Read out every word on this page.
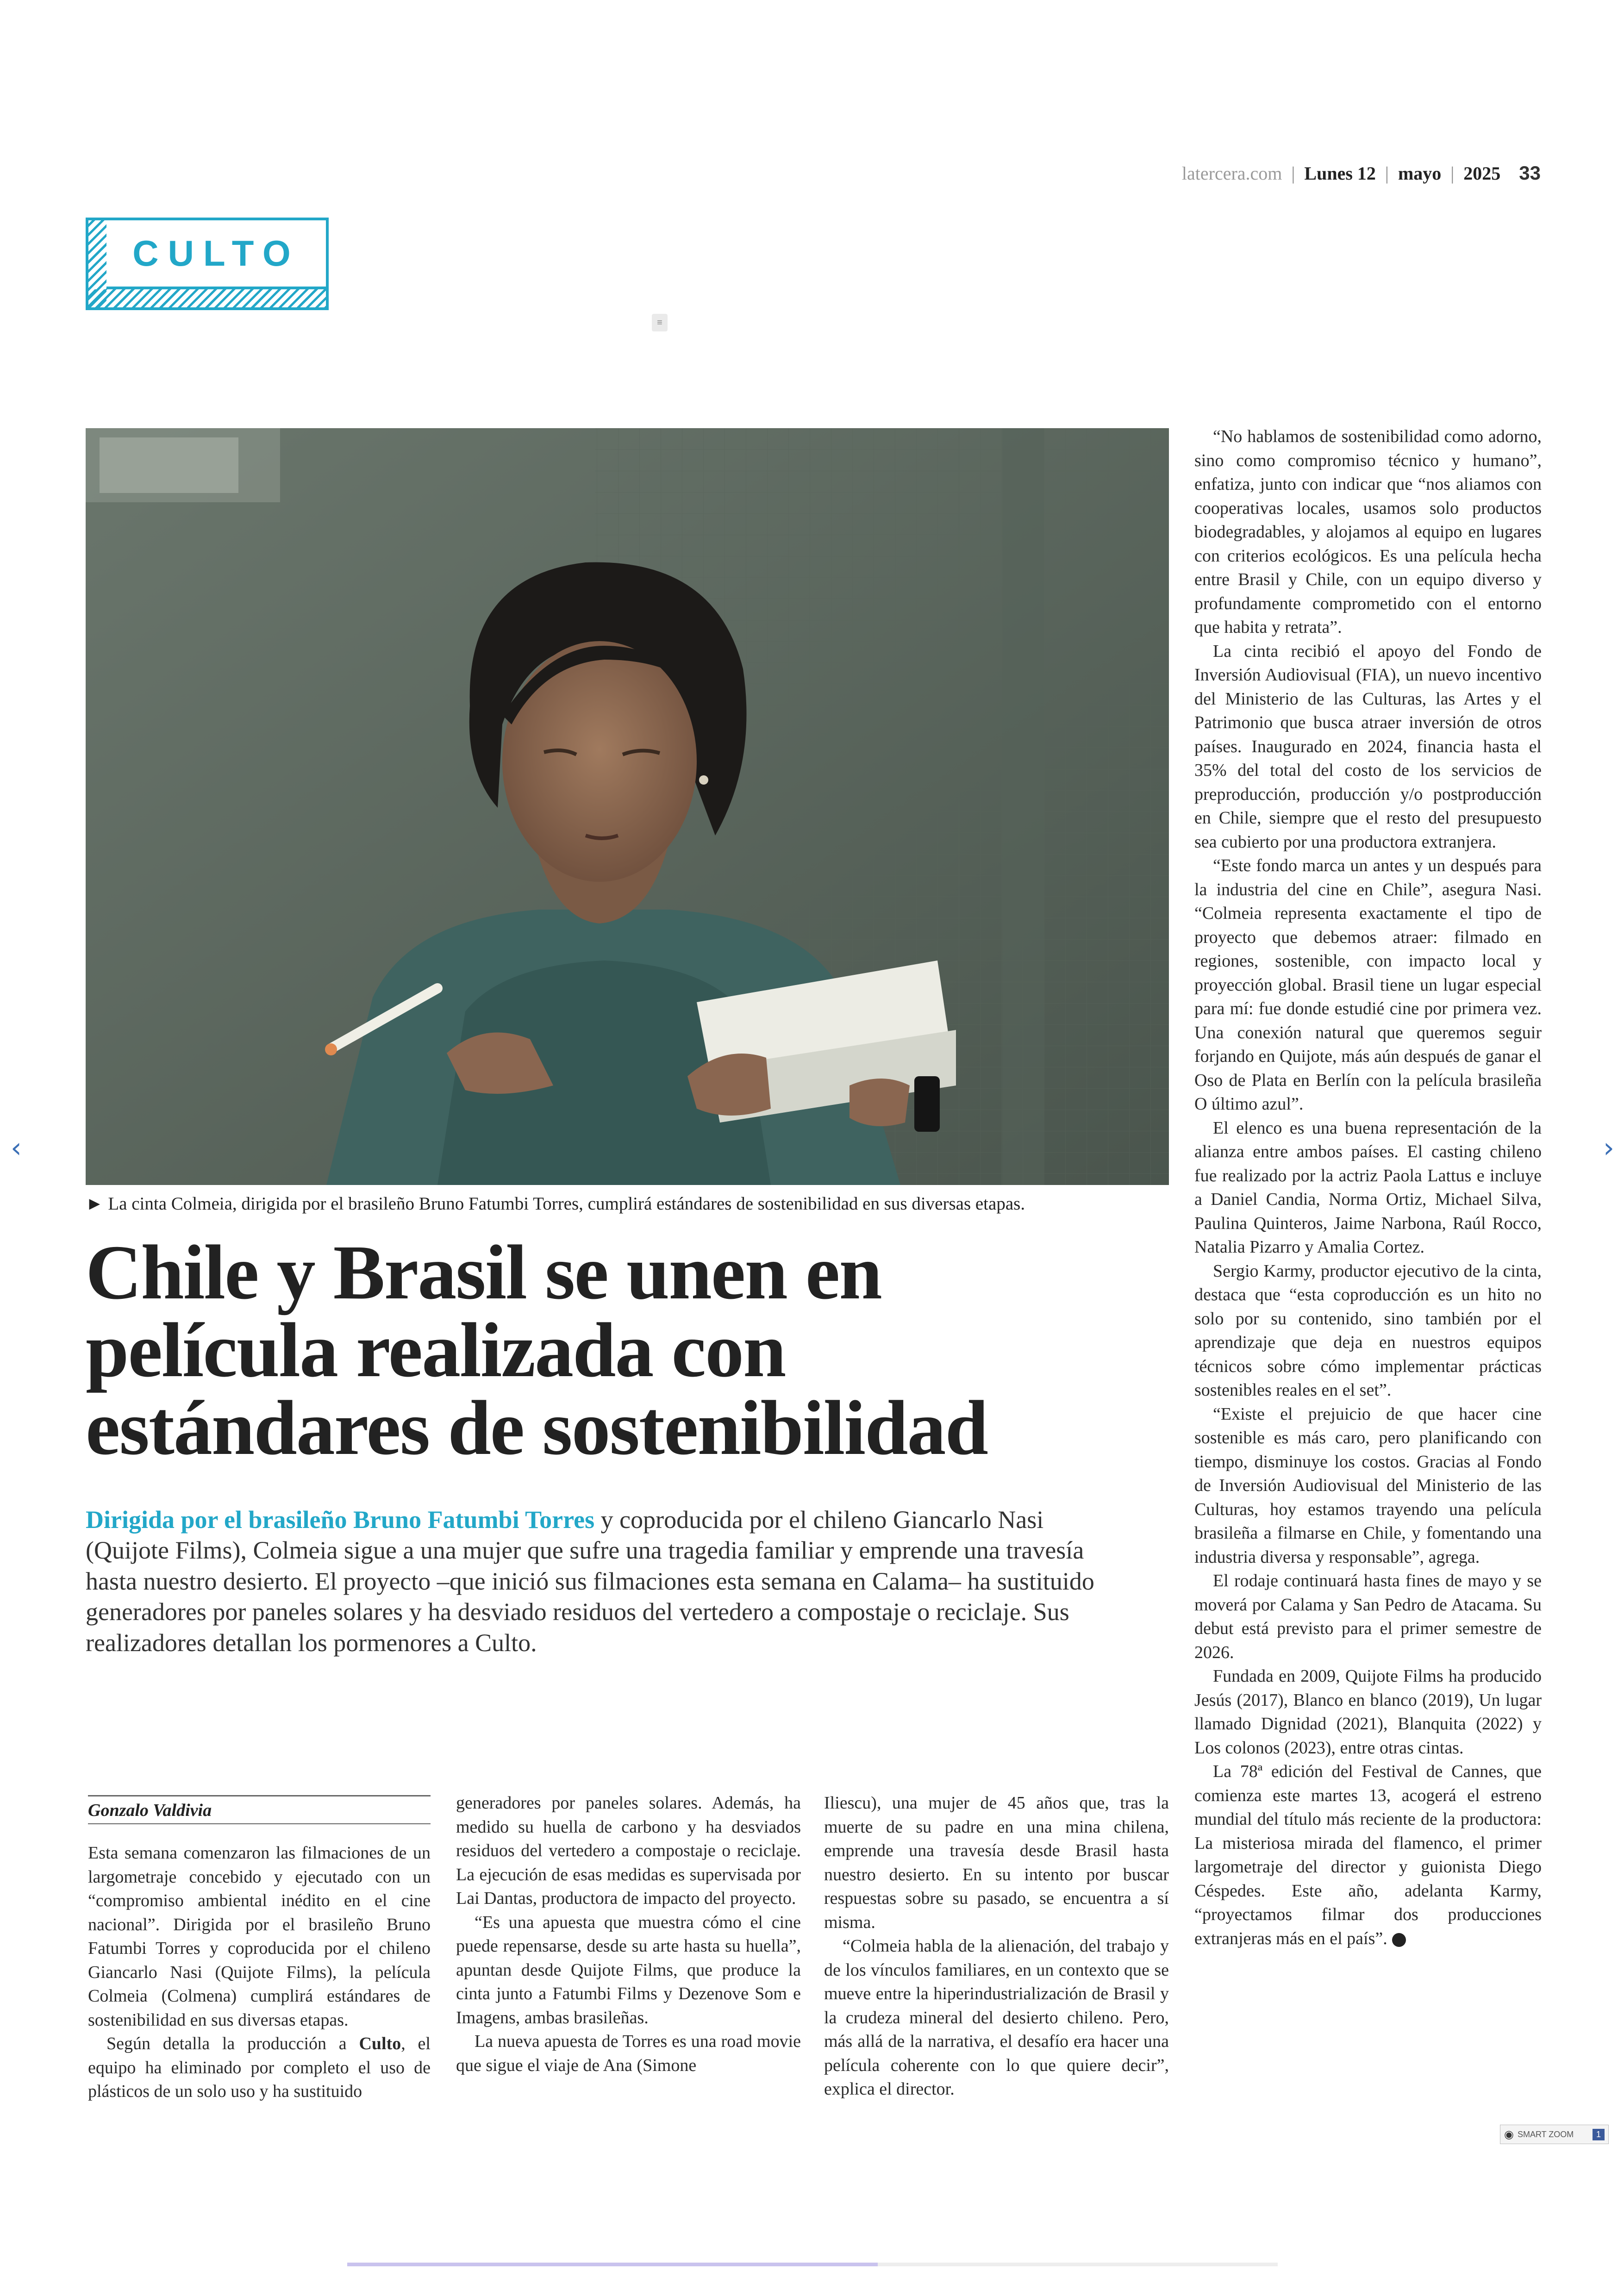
latercera.com | Lunes 12 | mayo | 2025 33
CULTO
≡
► La cinta Colmeia, dirigida por el brasileño Bruno Fatumbi Torres, cumplirá estándares de sostenibilidad en sus diversas etapas.
Chile y Brasil se unen en
película realizada con
estándares de sostenibilidad
Dirigida por el brasileño Bruno Fatumbi Torres y coproducida por el chileno Giancarlo Nasi (Quijote Films), Colmeia sigue a una mujer que sufre una tragedia familiar y emprende una travesía hasta nuestro desierto. El proyecto –que inició sus filmaciones esta semana en Calama– ha sustituido generadores por paneles solares y ha desviado residuos del vertedero a compostaje o reciclaje. Sus realizadores detallan los pormenores a Culto.
Gonzalo Valdivia

Esta semana comenzaron las filmaciones de un largometraje concebido y ejecutado con un “compromiso ambiental inédito en el cine nacional”. Dirigida por el brasileño Bruno Fatumbi Torres y coproducida por el chileno Giancarlo Nasi (Quijote Films), la película Colmeia (Colmena) cumplirá estándares de sostenibilidad en sus diversas etapas.

Según detalla la producción a Culto, el equipo ha eliminado por completo el uso de plásticos de un solo uso y ha sustituido

generadores por paneles solares. Además, ha medido su huella de carbono y ha desviados residuos del vertedero a compostaje o reciclaje. La ejecución de esas medidas es supervisada por Lai Dantas, productora de impacto del proyecto.

“Es una apuesta que muestra cómo el cine puede repensarse, desde su arte hasta su huella”, apuntan desde Quijote Films, que produce la cinta junto a Fatumbi Films y Dezenove Som e Imagens, ambas brasileñas.

La nueva apuesta de Torres es una road movie que sigue el viaje de Ana (Simone

Iliescu), una mujer de 45 años que, tras la muerte de su padre en una mina chilena, emprende una travesía desde Brasil hasta nuestro desierto. En su intento por buscar respuestas sobre su pasado, se encuentra a sí misma.

“Colmeia habla de la alienación, del trabajo y de los vínculos familiares, en un contexto que se mueve entre la hiperindustrialización de Brasil y la crudeza mineral del desierto chileno. Pero, más allá de la narrativa, el desafío era hacer una película coherente con lo que quiere decir”, explica el director.

“No hablamos de sostenibilidad como adorno, sino como compromiso técnico y humano”, enfatiza, junto con indicar que “nos aliamos con cooperativas locales, usamos solo productos biodegradables, y alojamos al equipo en lugares con criterios ecológicos. Es una película hecha entre Brasil y Chile, con un equipo diverso y profundamente comprometido con el entorno que habita y retrata”.

La cinta recibió el apoyo del Fondo de Inversión Audiovisual (FIA), un nuevo incentivo del Ministerio de las Culturas, las Artes y el Patrimonio que busca atraer inversión de otros países. Inaugurado en 2024, financia hasta el 35% del total del costo de los servicios de preproducción, producción y/o postproducción en Chile, siempre que el resto del presupuesto sea cubierto por una productora extranjera.

“Este fondo marca un antes y un después para la industria del cine en Chile”, asegura Nasi. “Colmeia representa exactamente el tipo de proyecto que debemos atraer: filmado en regiones, sostenible, con impacto local y proyección global. Brasil tiene un lugar especial para mí: fue donde estudié cine por primera vez. Una conexión natural que queremos seguir forjando en Quijote, más aún después de ganar el Oso de Plata en Berlín con la película brasileña O último azul”.

El elenco es una buena representación de la alianza entre ambos países. El casting chileno fue realizado por la actriz Paola Lattus e incluye a Daniel Candia, Norma Ortiz, Michael Silva, Paulina Quinteros, Jaime Narbona, Raúl Rocco, Natalia Pizarro y Amalia Cortez.

Sergio Karmy, productor ejecutivo de la cinta, destaca que “esta coproducción es un hito no solo por su contenido, sino también por el aprendizaje que deja en nuestros equipos técnicos sobre cómo implementar prácticas sostenibles reales en el set”.

“Existe el prejuicio de que hacer cine sostenible es más caro, pero planificando con tiempo, disminuye los costos. Gracias al Fondo de Inversión Audiovisual del Ministerio de las Culturas, hoy estamos trayendo una película brasileña a filmarse en Chile, y fomentando una industria diversa y responsable”, agrega.

El rodaje continuará hasta fines de mayo y se moverá por Calama y San Pedro de Atacama. Su debut está previsto para el primer semestre de 2026.

Fundada en 2009, Quijote Films ha producido Jesús (2017), Blanco en blanco (2019), Un lugar llamado Dignidad (2021), Blanquita (2022) y Los colonos (2023), entre otras cintas.

La 78ª edición del Festival de Cannes, que comienza este martes 13, acogerá el estreno mundial del título más reciente de la productora: La misteriosa mirada del flamenco, el primer largometraje del director y guionista Diego Céspedes. Este año, adelanta Karmy, “proyectamos filmar dos producciones extranjeras más en el país”.

‹	›
◉ SMART ZOOM	1
